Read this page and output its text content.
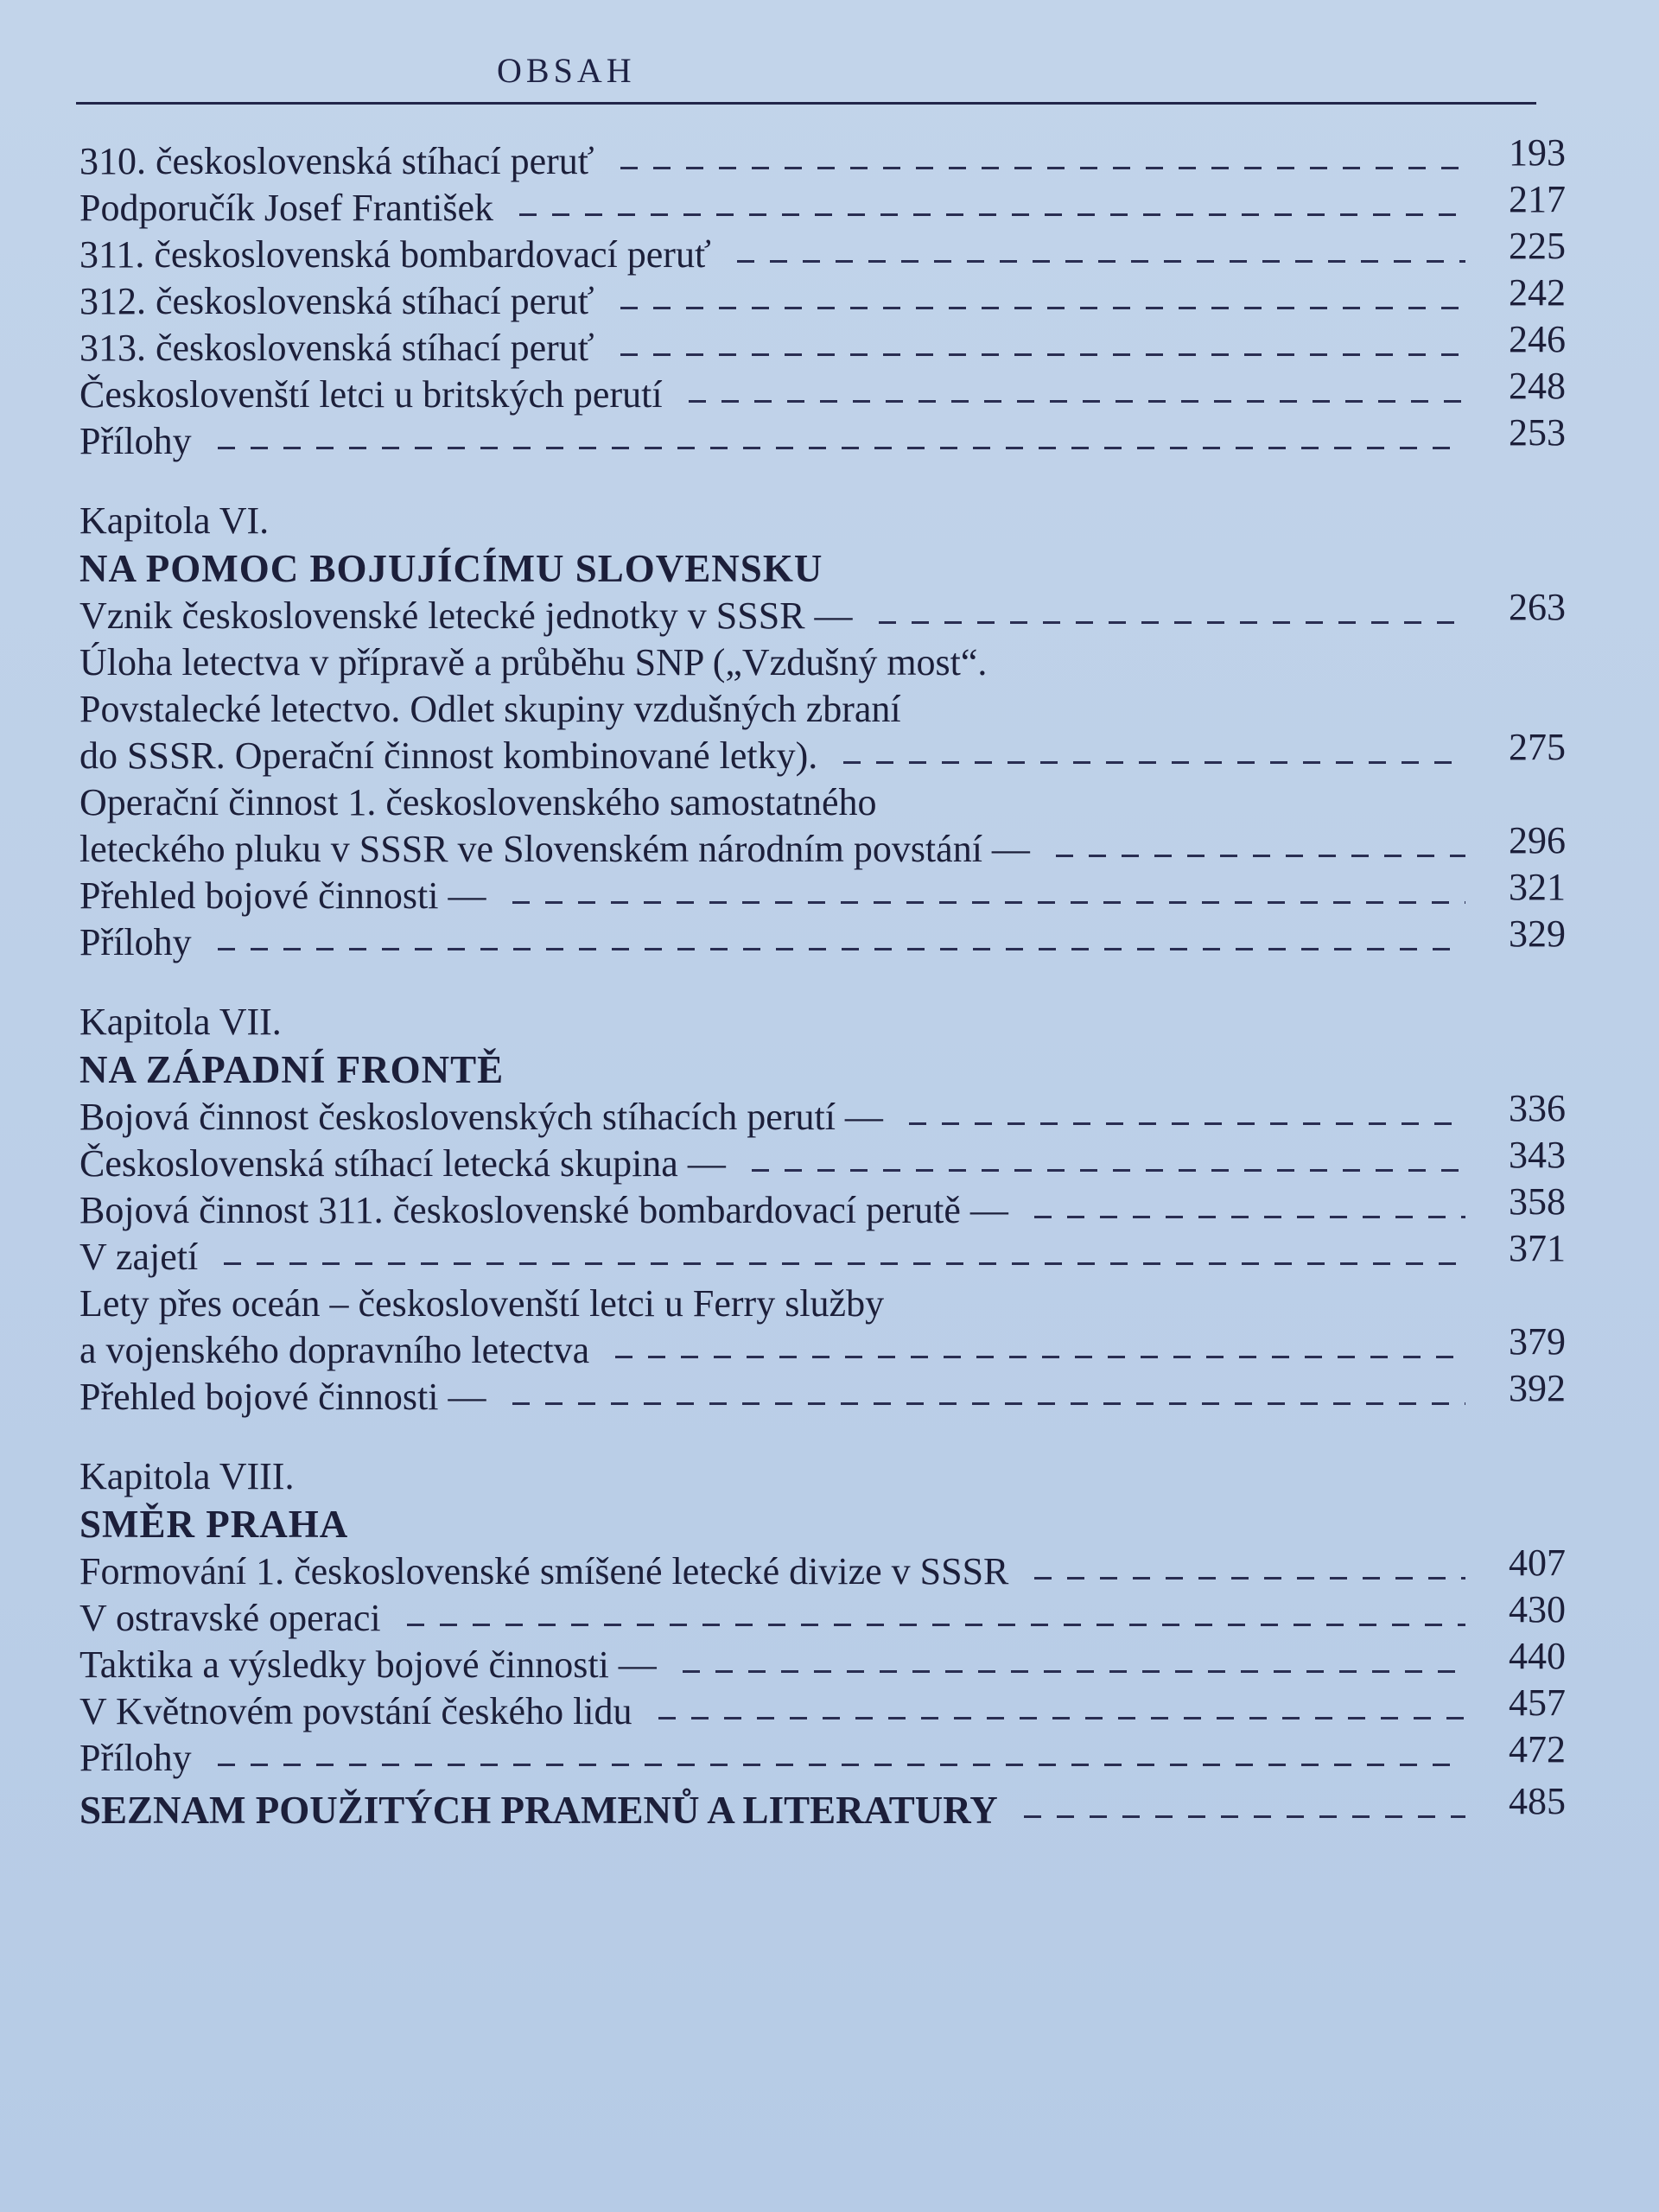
OBSAH
310. československá stíhací peruť	193
Podporučík Josef František	217
311. československá bombardovací peruť	225
312. československá stíhací peruť	242
313. československá stíhací peruť	246
Českoslovenští letci u britských perutí	248
Přílohy	253
Kapitola VI.
NA POMOC BOJUJÍCÍMU SLOVENSKU
Vznik československé letecké jednotky v SSSR —	263
Úloha letectva v přípravě a průběhu SNP („Vzdušný most“.
Povstalecké letectvo. Odlet skupiny vzdušných zbraní
do SSSR. Operační činnost kombinované letky).	275
Operační činnost 1. československého samostatného
leteckého pluku v SSSR ve Slovenském národním povstání —	296
Přehled bojové činnosti —	321
Přílohy	329
Kapitola VII.
NA ZÁPADNÍ FRONTĚ
Bojová činnost československých stíhacích perutí —	336
Československá stíhací letecká skupina —	343
Bojová činnost 311. československé bombardovací perutě —	358
V zajetí	371
Lety přes oceán – českoslovenští letci u Ferry služby
a vojenského dopravního letectva	379
Přehled bojové činnosti —	392
Kapitola VIII.
SMĚR PRAHA
Formování 1. československé smíšené letecké divize v SSSR	407
V ostravské operaci	430
Taktika a výsledky bojové činnosti —	440
V Květnovém povstání českého lidu	457
Přílohy	472
SEZNAM POUŽITÝCH PRAMENŮ A LITERATURY	485
